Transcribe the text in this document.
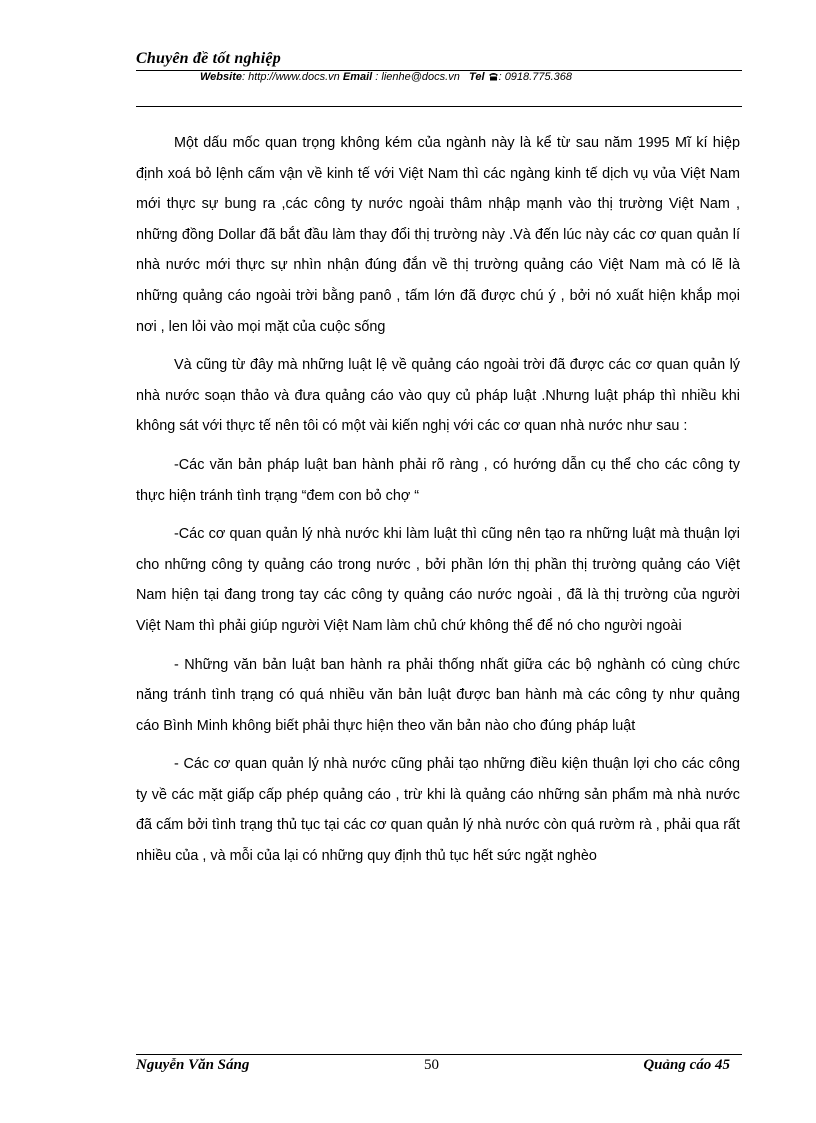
Chuyên đề tốt nghiệp
Website: http://www.docs.vn Email : lienhe@docs.vn Tel : 0918.775.368

Một dấu mốc quan trọng không kém của ngành này là kể từ sau năm 1995 Mĩ kí hiệp định xoá bỏ lệnh cấm vận về kinh tế với Việt Nam thì các ngàng kinh tế dịch vụ vủa Việt Nam mới thực sự bung ra ,các công ty nước ngoài thâm nhập mạnh vào thị trường Việt Nam , những đồng Dollar đã bắt đầu làm thay đổi thị trường này .Và đến lúc này các cơ quan quản lí nhà nước mới thực sự nhìn nhận đúng đắn về thị trường quảng cáo Việt Nam mà có lẽ là những quảng cáo ngoài trời bằng panô , tấm lớn đã được chú ý , bởi nó xuất hiện khắp mọi nơi , len lỏi vào mọi mặt của cuộc sống

Và cũng từ đây mà những luật lệ về quảng cáo ngoài trời đã được các cơ quan quản lý nhà nước soạn thảo và đưa quảng cáo vào quy củ pháp luật .Nhưng luật pháp thì nhiều khi không sát với thực tế nên tôi có một vài kiến nghị với các cơ quan nhà nước như sau :

-Các văn bản pháp luật ban hành phải rõ ràng , có hướng dẫn cụ thể cho các công ty thực hiện tránh tình trạng “đem con bỏ chợ “

-Các cơ quan quản lý nhà nước khi làm luật thì cũng nên tạo ra những luật mà thuận lợi cho những công ty quảng cáo trong nước , bởi phần lớn thị phần thị trường quảng cáo Việt Nam hiện tại đang trong tay các công ty quảng cáo nước ngoài , đã là thị trường của người Việt Nam thì phải giúp người Việt Nam làm chủ chứ không thể để nó cho người ngoài

- Những văn bản luật ban hành ra phải thống nhất giữa các bộ nghành có cùng chức năng tránh tình trạng có quá nhiều văn bản luật được ban hành mà các công ty như quảng cáo Bình Minh không biết phải thực hiện theo văn bản nào cho đúng pháp luật

- Các cơ quan quản lý nhà nước cũng phải tạo những điều kiện thuận lợi cho các công ty về các mặt giấp cấp phép quảng cáo , trừ khi là quảng cáo những sản phẩm mà nhà nước đã cấm bởi tình trạng thủ tục tại các cơ quan quản lý nhà nước còn quá rườm rà , phải qua rất nhiều của , và mỗi của lại có những quy định thủ tục hết sức ngặt nghèo

Nguyễn Văn Sáng	50	Quảng cáo 45
